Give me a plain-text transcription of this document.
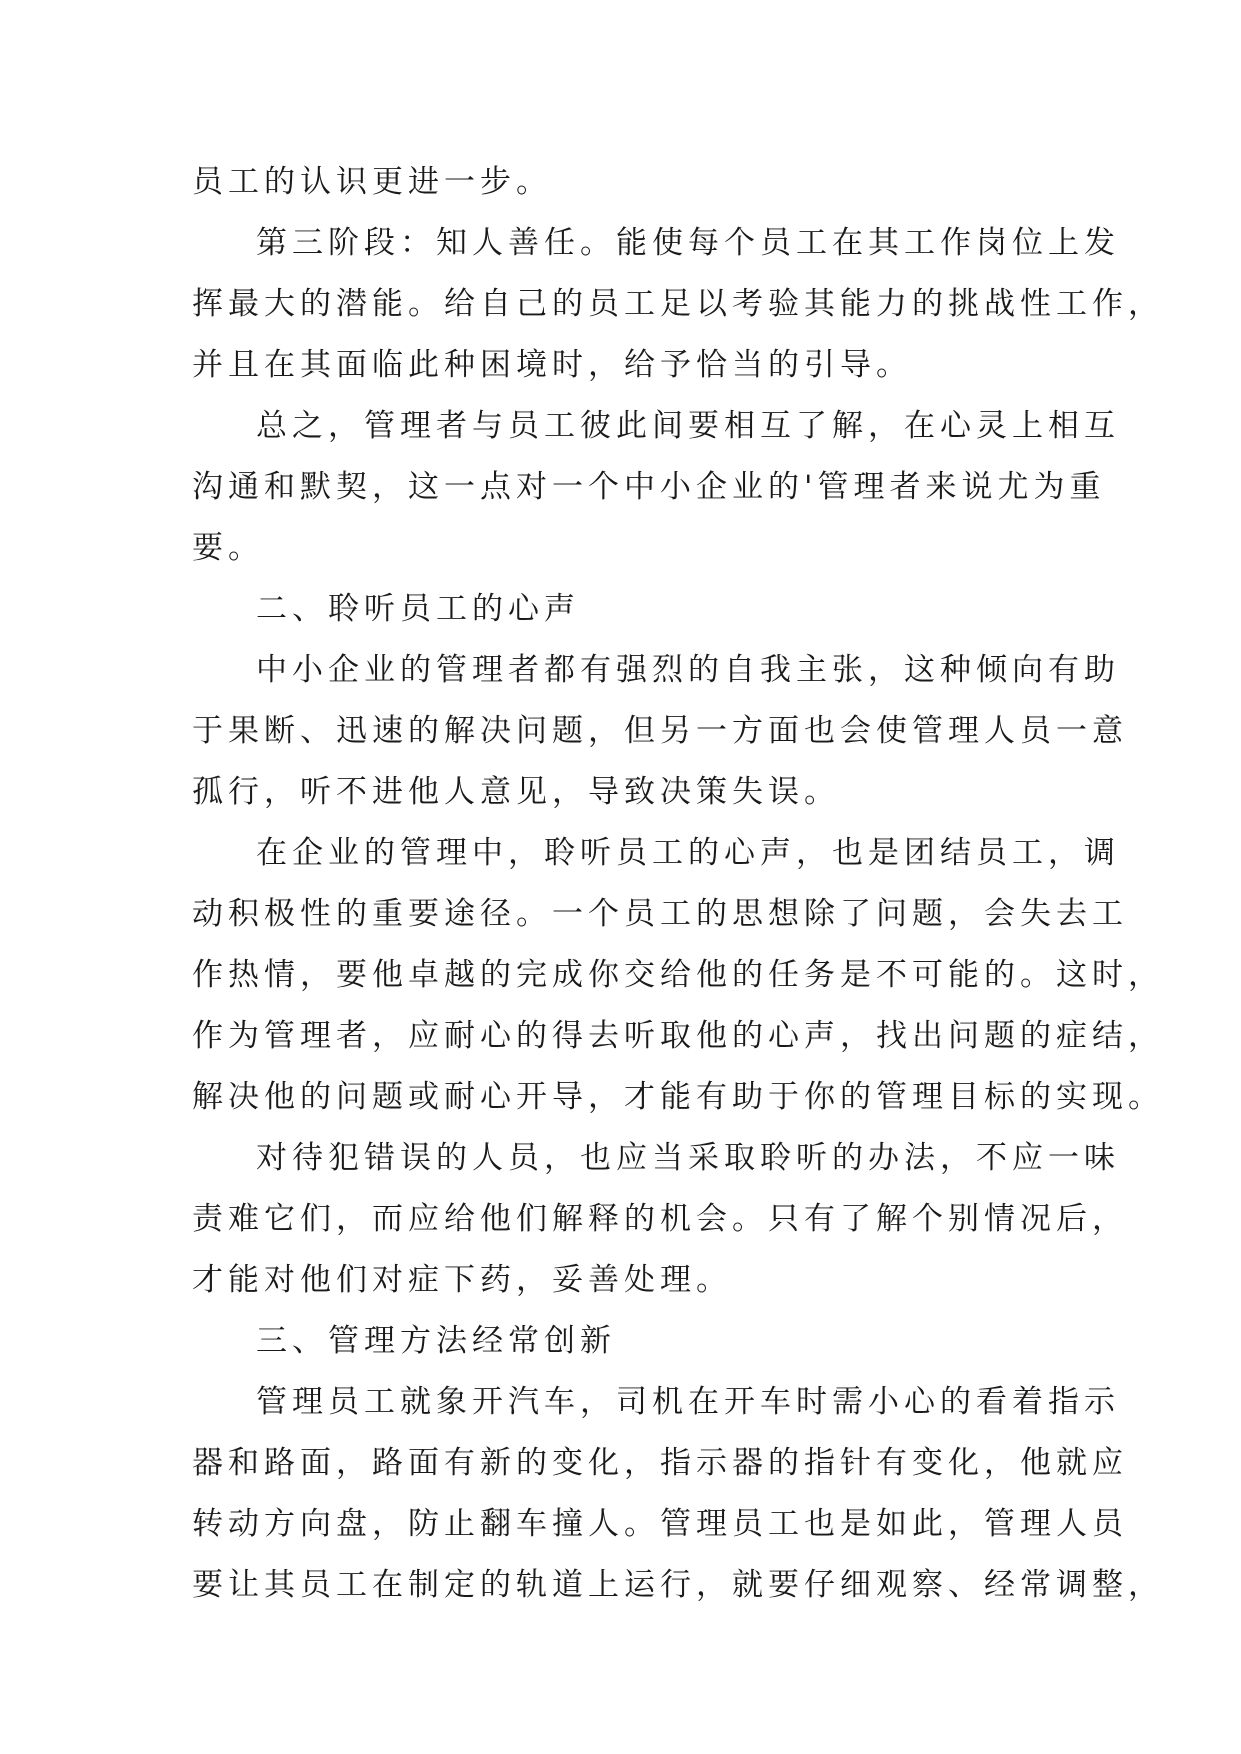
员工的认识更进一步。
第三阶段：知人善任。能使每个员工在其工作岗位上发
挥最大的潜能。给自己的员工足以考验其能力的挑战性工作，
并且在其面临此种困境时，给予恰当的引导。
总之，管理者与员工彼此间要相互了解，在心灵上相互
沟通和默契，这一点对一个中小企业的'管理者来说尤为重
要。
二、聆听员工的心声
中小企业的管理者都有强烈的自我主张，这种倾向有助
于果断、迅速的解决问题，但另一方面也会使管理人员一意
孤行，听不进他人意见，导致决策失误。
在企业的管理中，聆听员工的心声，也是团结员工，调
动积极性的重要途径。一个员工的思想除了问题，会失去工
作热情，要他卓越的完成你交给他的任务是不可能的。这时，
作为管理者，应耐心的得去听取他的心声，找出问题的症结，
解决他的问题或耐心开导，才能有助于你的管理目标的实现。
对待犯错误的人员，也应当采取聆听的办法，不应一味
责难它们，而应给他们解释的机会。只有了解个别情况后，
才能对他们对症下药，妥善处理。
三、管理方法经常创新
管理员工就象开汽车，司机在开车时需小心的看着指示
器和路面，路面有新的变化，指示器的指针有变化，他就应
转动方向盘，防止翻车撞人。管理员工也是如此，管理人员
要让其员工在制定的轨道上运行，就要仔细观察、经常调整，
